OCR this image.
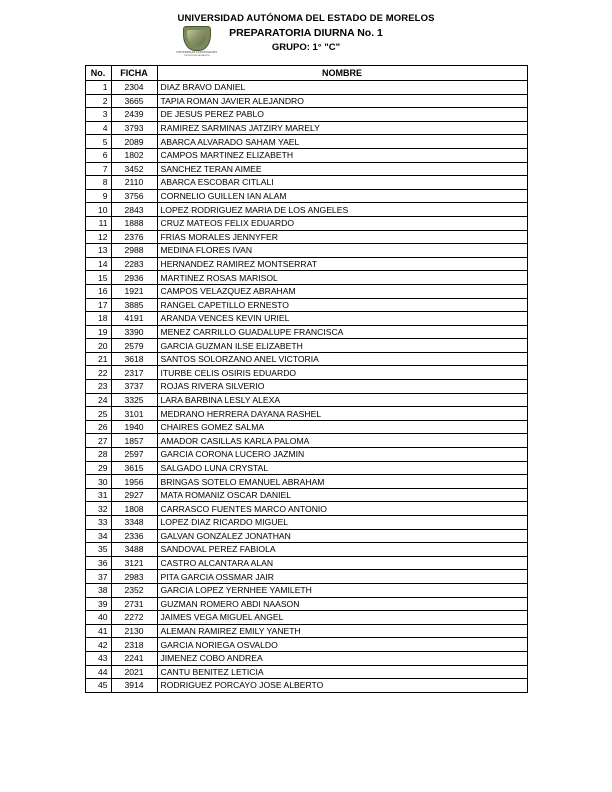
UNIVERSIDAD AUTÓNOMA DEL
ESTADO DE MORELOS
UNIVERSIDAD AUTÓNOMA DEL ESTADO DE MORELOS
PREPARATORIA DIURNA No. 1
GRUPO: 1° "C"
No.	FICHA	NOMBRE
1	2304	DIAZ BRAVO DANIEL
2	3665	TAPIA ROMAN JAVIER ALEJANDRO
3	2439	DE JESUS PEREZ PABLO
4	3793	RAMIREZ SARMINAS JATZIRY MARELY
5	2089	ABARCA ALVARADO SAHAM YAEL
6	1802	CAMPOS MARTINEZ ELIZABETH
7	3452	SANCHEZ TERAN AIMEE
8	2110	ABARCA ESCOBAR CITLALI
9	3756	CORNELIO GUILLEN IAN ALAM
10	2843	LOPEZ RODRIGUEZ MARIA DE LOS ANGELES
11	1888	CRUZ MATEOS FELIX EDUARDO
12	2376	FRIAS MORALES JENNYFER
13	2988	MEDINA FLORES IVAN
14	2283	HERNANDEZ RAMIREZ MONTSERRAT
15	2936	MARTINEZ ROSAS MARISOL
16	1921	CAMPOS VELAZQUEZ ABRAHAM
17	3885	RANGEL CAPETILLO ERNESTO
18	4191	ARANDA VENCES KEVIN URIEL
19	3390	MENEZ CARRILLO GUADALUPE FRANCISCA
20	2579	GARCIA GUZMAN ILSE ELIZABETH
21	3618	SANTOS SOLORZANO ANEL VICTORIA
22	2317	ITURBE CELIS OSIRIS EDUARDO
23	3737	ROJAS RIVERA SILVERIO
24	3325	LARA BARBINA LESLY ALEXA
25	3101	MEDRANO HERRERA DAYANA RASHEL
26	1940	CHAIRES GOMEZ SALMA
27	1857	AMADOR CASILLAS KARLA PALOMA
28	2597	GARCIA CORONA LUCERO JAZMIN
29	3615	SALGADO LUNA CRYSTAL
30	1956	BRINGAS SOTELO EMANUEL ABRAHAM
31	2927	MATA ROMANIZ OSCAR DANIEL
32	1808	CARRASCO FUENTES MARCO ANTONIO
33	3348	LOPEZ DIAZ RICARDO MIGUEL
34	2336	GALVAN GONZALEZ JONATHAN
35	3488	SANDOVAL PEREZ FABIOLA
36	3121	CASTRO ALCANTARA ALAN
37	2983	PITA GARCIA OSSMAR JAIR
38	2352	GARCIA LOPEZ YERNHEE YAMILETH
39	2731	GUZMAN ROMERO ABDI NAASON
40	2272	JAIMES VEGA MIGUEL ANGEL
41	2130	ALEMAN RAMIREZ EMILY YANETH
42	2318	GARCIA NORIEGA OSVALDO
43	2241	JIMENEZ COBO ANDREA
44	2021	CANTU BENITEZ LETICIA
45	3914	RODRIGUEZ PORCAYO JOSE ALBERTO
